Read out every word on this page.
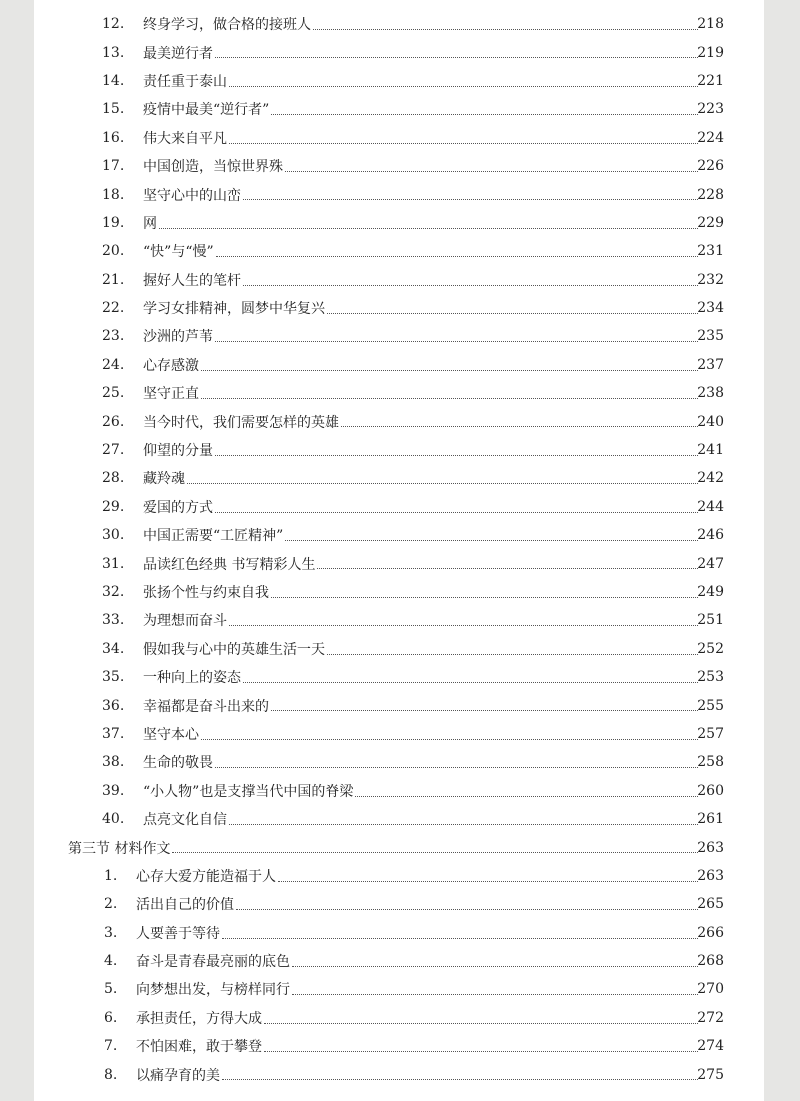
12.	终身学习，做合格的接班人	218
13.	最美逆行者	219
14.	责任重于泰山	221
15.	疫情中最美“逆行者”	223
16.	伟大来自平凡	224
17.	中国创造，当惊世界殊	226
18.	坚守心中的山峦	228
19.	网	229
20.	“快”与“慢”	231
21.	握好人生的笔杆	232
22.	学习女排精神，圆梦中华复兴	234
23.	沙洲的芦苇	235
24.	心存感激	237
25.	坚守正直	238
26.	当今时代，我们需要怎样的英雄	240
27.	仰望的分量	241
28.	藏羚魂	242
29.	爱国的方式	244
30.	中国正需要“工匠精神”	246
31.	品读红色经典 书写精彩人生	247
32.	张扬个性与约束自我	249
33.	为理想而奋斗	251
34.	假如我与心中的英雄生活一天	252
35.	一种向上的姿态	253
36.	幸福都是奋斗出来的	255
37.	坚守本心	257
38.	生命的敬畏	258
39.	“小人物”也是支撑当代中国的脊梁	260
40.	点亮文化自信	261
第三节 材料作文	263
1.	心存大爱方能造福于人	263
2.	活出自己的价值	265
3.	人要善于等待	266
4.	奋斗是青春最亮丽的底色	268
5.	向梦想出发，与榜样同行	270
6.	承担责任，方得大成	272
7.	不怕困难，敢于攀登	274
8.	以痛孕育的美	275
